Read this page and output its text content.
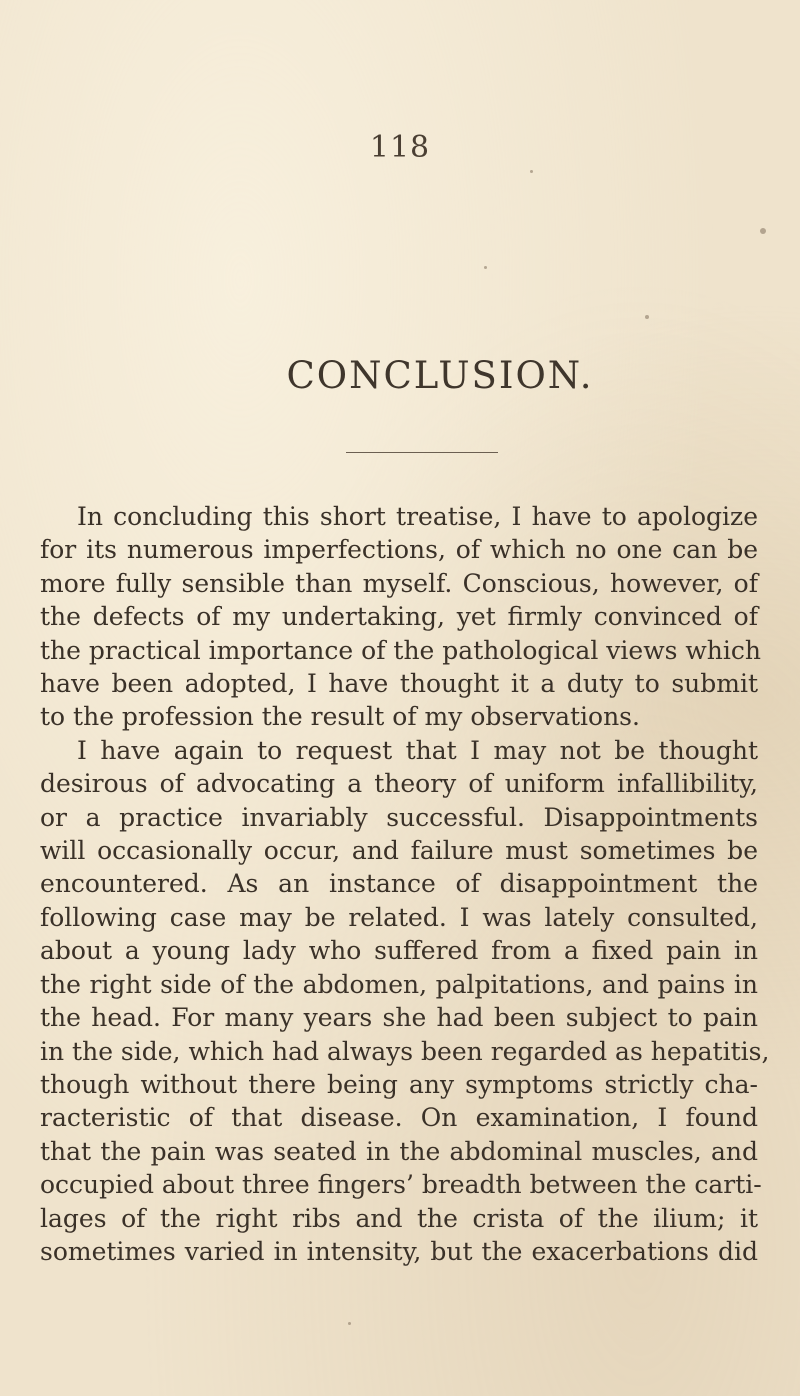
118
CONCLUSION.
In concluding this short treatise, I have to apologize
for its numerous imperfections, of which no one can be
more fully sensible than myself. Conscious, however, of
the defects of my undertaking, yet firmly convinced of
the practical importance of the pathological views which
have been adopted, I have thought it a duty to submit
to the profession the result of my observations.
I have again to request that I may not be thought
desirous of advocating a theory of uniform infallibility,
or a practice invariably successful. Disappointments
will occasionally occur, and failure must sometimes be
encountered. As an instance of disappointment the
following case may be related. I was lately consulted,
about a young lady who suffered from a fixed pain in
the right side of the abdomen, palpitations, and pains in
the head. For many years she had been subject to pain
in the side, which had always been regarded as hepatitis,
though without there being any symptoms strictly cha-
racteristic of that disease. On examination, I found
that the pain was seated in the abdominal muscles, and
occupied about three fingers’ breadth between the carti-
lages of the right ribs and the crista of the ilium; it
sometimes varied in intensity, but the exacerbations did
